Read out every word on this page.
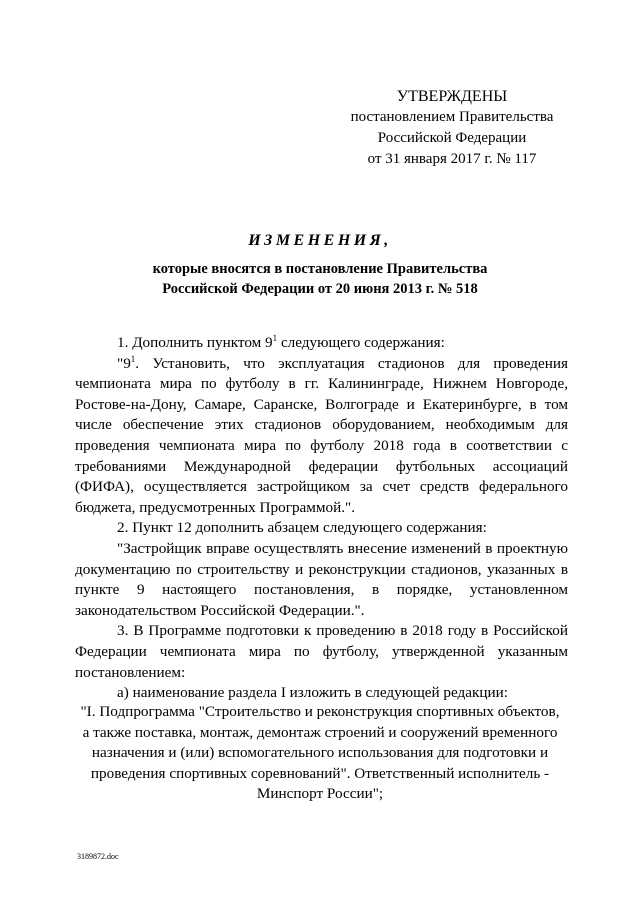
УТВЕРЖДЕНЫ
постановлением Правительства
Российской Федерации
от 31 января 2017 г. № 117
ИЗМЕНЕНИЯ,
которые вносятся в постановление Правительства
Российской Федерации от 20 июня 2013 г. № 518

1. Дополнить пунктом $9^1$ следующего содержания:

"$9^1$. Установить, что эксплуатация стадионов для проведения чемпионата мира по футболу в гг. Калининграде, Нижнем Новгороде, Ростове-на-Дону, Самаре, Саранске, Волгограде и Екатеринбурге, в том числе обеспечение этих стадионов оборудованием, необходимым для проведения чемпионата мира по футболу 2018 года в соответствии с требованиями Международной федерации футбольных ассоциаций (ФИФА), осуществляется застройщиком за счет средств федерального бюджета, предусмотренных Программой.".

2. Пункт 12 дополнить абзацем следующего содержания:

"Застройщик вправе осуществлять внесение изменений в проектную документацию по строительству и реконструкции стадионов, указанных в пункте 9 настоящего постановления, в порядке, установленном законодательством Российской Федерации.".

3. В Программе подготовки к проведению в 2018 году в Российской Федерации чемпионата мира по футболу, утвержденной указанным постановлением:

а) наименование раздела I изложить в следующей редакции:

"I. Подпрограмма "Строительство и реконструкция спортивных объектов,
а также поставка, монтаж, демонтаж строений и сооружений временного
назначения и (или) вспомогательного использования для подготовки и
проведения спортивных соревнований". Ответственный исполнитель -
Минспорт России";
3189872.doc
